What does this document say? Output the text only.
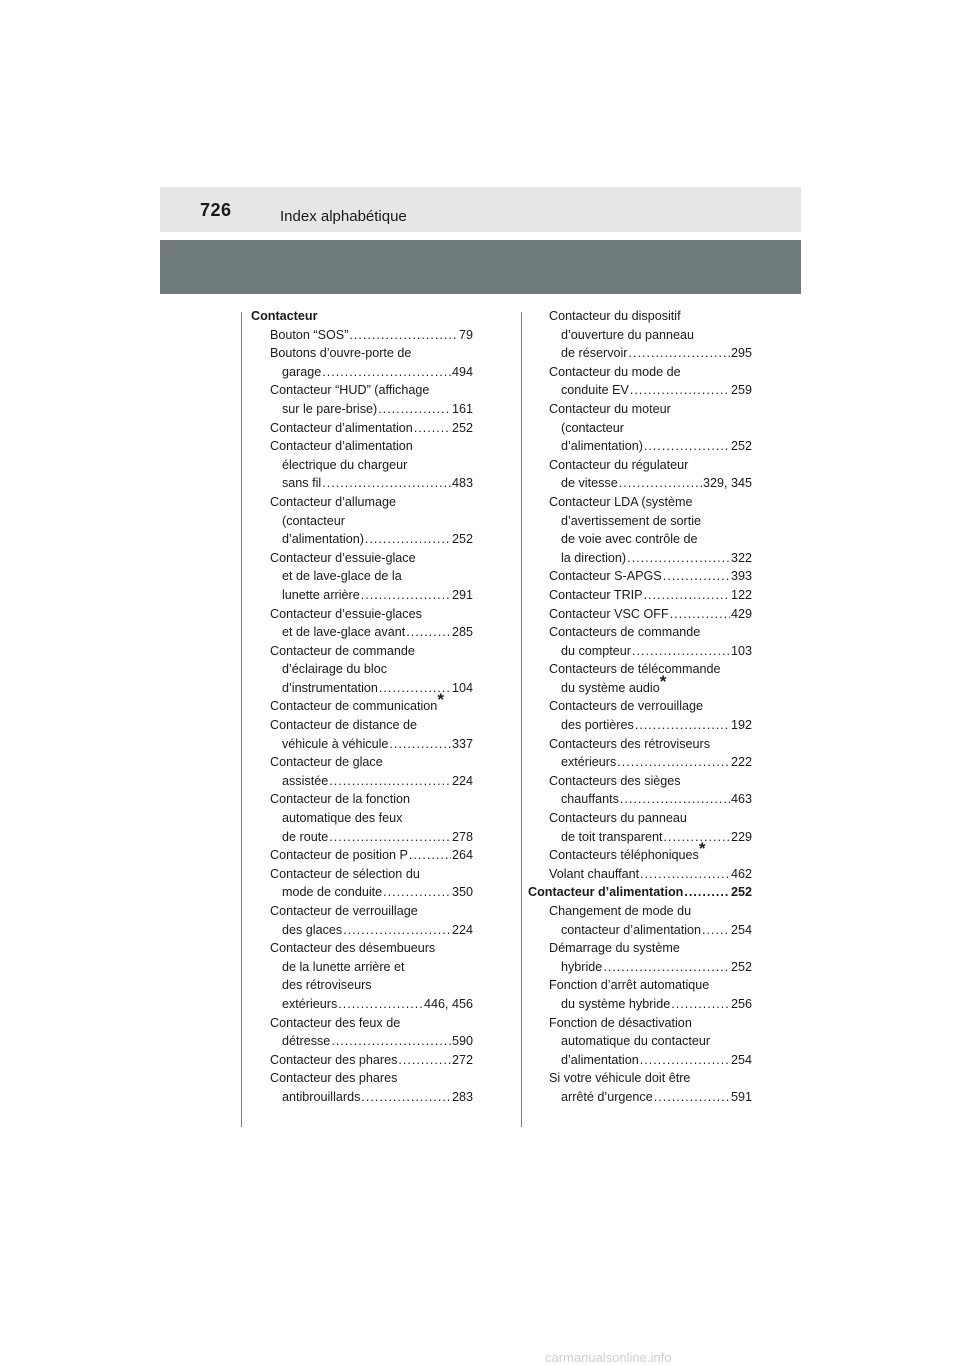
726	Index alphabétique
Contacteur
Bouton “SOS” .....	79
Boutons d’ouvre-porte de
garage .....	494
Contacteur “HUD” (affichage
sur le pare-brise) .....	161
Contacteur d’alimentation .....	252
Contacteur d’alimentation
électrique du chargeur
sans fil .....	483
Contacteur d’allumage
(contacteur
d’alimentation) .....	252
Contacteur d’essuie-glace
et de lave-glace de la
lunette arrière .....	291
Contacteur d’essuie-glaces
et de lave-glace avant .....	285
Contacteur de commande
d’éclairage du bloc
d’instrumentation .....	104
Contacteur de communication*
Contacteur de distance de
véhicule à véhicule .....	337
Contacteur de glace
assistée .....	224
Contacteur de la fonction
automatique des feux
de route .....	278
Contacteur de position P .....	264
Contacteur de sélection du
mode de conduite .....	350
Contacteur de verrouillage
des glaces .....	224
Contacteur des désembueurs
de la lunette arrière et
des rétroviseurs
extérieurs .....	446, 456
Contacteur des feux de
détresse .....	590
Contacteur des phares .....	272
Contacteur des phares
antibrouillards .....	283
Contacteur du dispositif
d’ouverture du panneau
de réservoir .....	295
Contacteur du mode de
conduite EV .....	259
Contacteur du moteur
(contacteur
d’alimentation) .....	252
Contacteur du régulateur
de vitesse .....	329, 345
Contacteur LDA (système
d’avertissement de sortie
de voie avec contrôle de
la direction) .....	322
Contacteur S-APGS .....	393
Contacteur TRIP .....	122
Contacteur VSC OFF .....	429
Contacteurs de commande
du compteur .....	103
Contacteurs de télécommande
du système audio*
Contacteurs de verrouillage
des portières .....	192
Contacteurs des rétroviseurs
extérieurs .....	222
Contacteurs des sièges
chauffants .....	463
Contacteurs du panneau
de toit transparent .....	229
Contacteurs téléphoniques*
Volant chauffant .....	462
Contacteur d’alimentation .....	252
Changement de mode du
contacteur d’alimentation ..... 254
Démarrage du système
hybride .....	252
Fonction d’arrêt automatique
du système hybride .....	256
Fonction de désactivation
automatique du contacteur
d’alimentation .....	254
Si votre véhicule doit être
arrêté d’urgence .....	591
carmanualsonline.info
